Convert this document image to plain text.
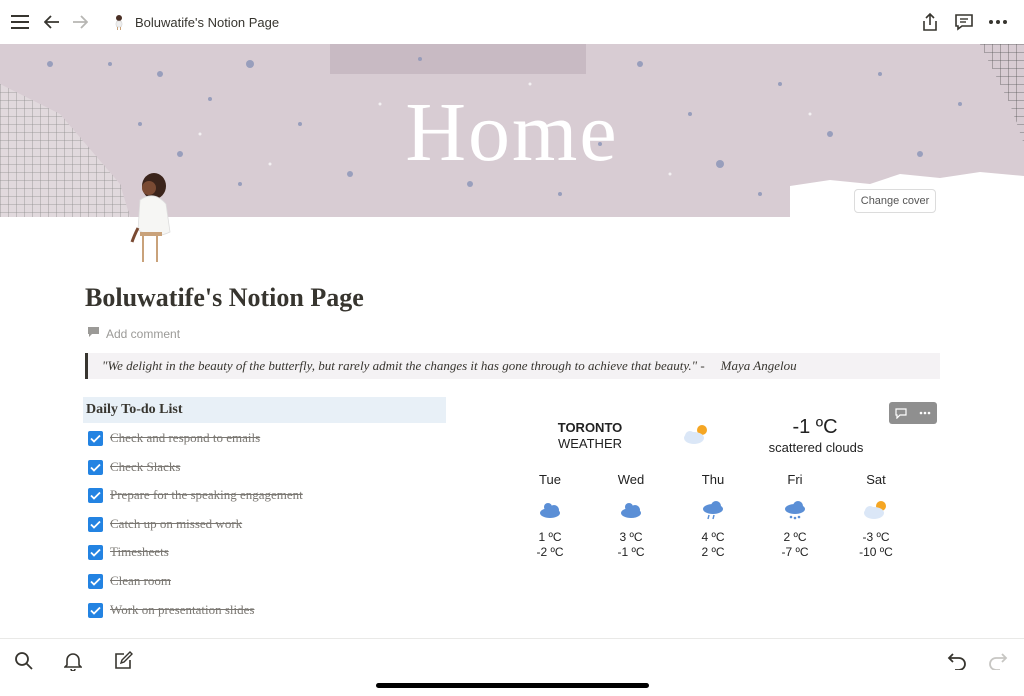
Boluwatife's Notion Page
Home
Change cover
Boluwatife's Notion Page
Add comment
"We delight in the beauty of the butterfly, but rarely admit the changes it has gone through to achieve that beauty." - Maya Angelou
Daily To-do List
Check and respond to emails
Check Slacks
Prepare for the speaking engagement
Catch up on missed work
Timesheets
Clean room
Work on presentation slides
TORONTO
WEATHER
-1 ºC
scattered clouds
Tue
1 ºC
-2 ºC
Wed
3 ºC
-1 ºC
Thu
4 ºC
2 ºC
Fri
2 ºC
-7 ºC
Sat
-3 ºC
-10 ºC
